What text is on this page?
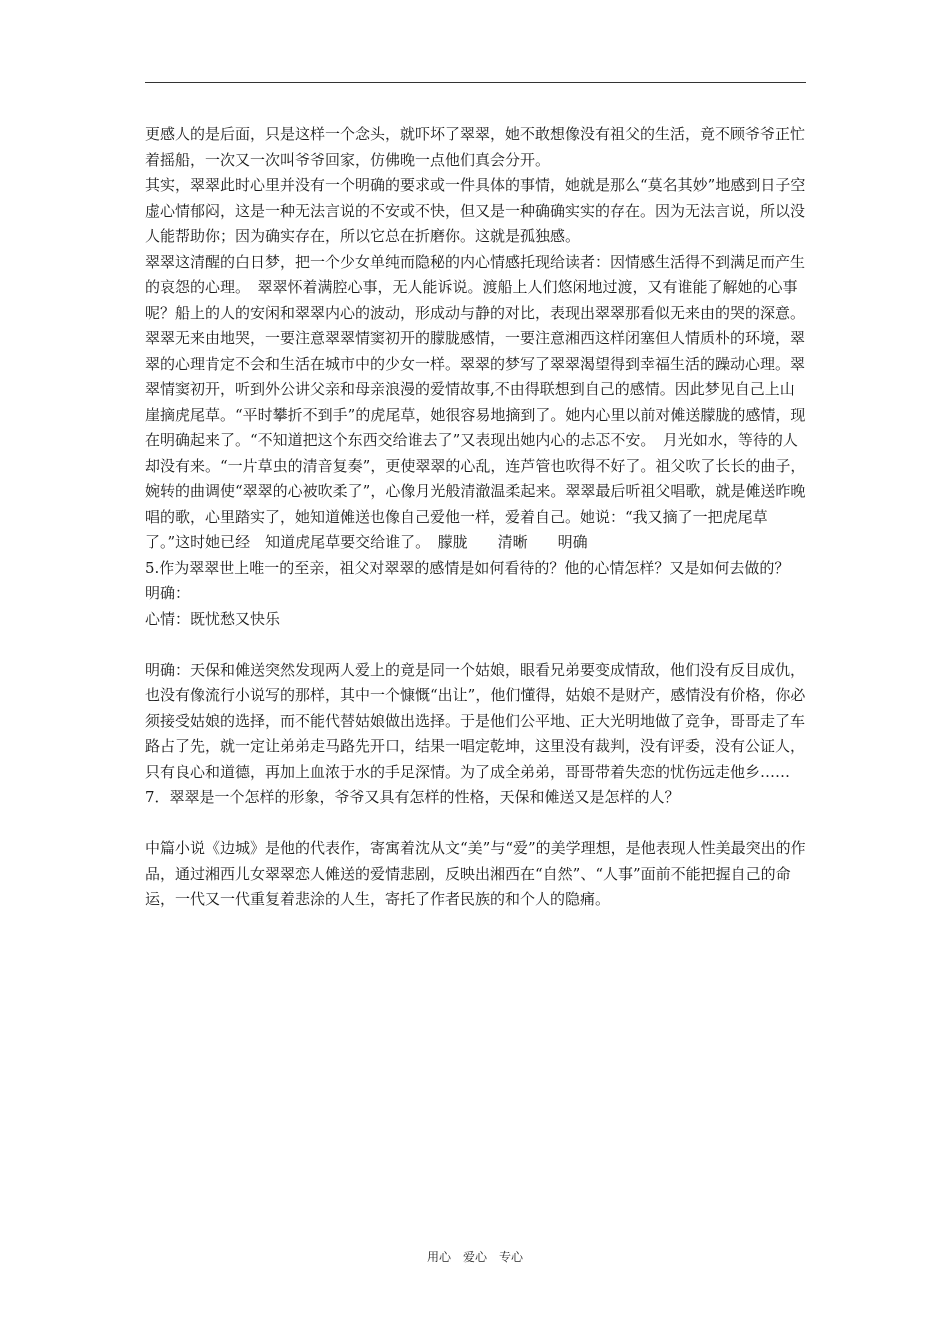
更感人的是后面，只是这样一个念头，就吓坏了翠翠，她不敢想像没有祖父的生活，竟不顾爷爷正忙着摇船，一次又一次叫爷爷回家，仿佛晚一点他们真会分开。

其实，翠翠此时心里并没有一个明确的要求或一件具体的事情，她就是那么“莫名其妙”地感到日子空虚心情郁闷，这是一种无法言说的不安或不快，但又是一种确确实实的存在。因为无法言说，所以没人能帮助你；因为确实存在，所以它总在折磨你。这就是孤独感。

翠翠这清醒的白日梦，把一个少女单纯而隐秘的内心情感托现给读者：因情感生活得不到满足而产生的哀怨的心理。　翠翠怀着满腔心事，无人能诉说。渡船上人们悠闲地过渡，又有谁能了解她的心事呢？船上的人的安闲和翠翠内心的波动，形成动与静的对比，表现出翠翠那看似无来由的哭的深意。

翠翠无来由地哭，一要注意翠翠情窦初开的朦胧感情，一要注意湘西这样闭塞但人情质朴的环境，翠翠的心理肯定不会和生活在城市中的少女一样。翠翠的梦写了翠翠渴望得到幸福生活的躁动心理。翠翠情窦初开，听到外公讲父亲和母亲浪漫的爱情故事,不由得联想到自己的感情。因此梦见自己上山崖摘虎尾草。“平时攀折不到手”的虎尾草，她很容易地摘到了。她内心里以前对傩送朦胧的感情，现在明确起来了。“不知道把这个东西交给谁去了”又表现出她内心的忐忑不安。　月光如水，等待的人却没有来。“一片草虫的清音复奏”，更使翠翠的心乱，连芦管也吹得不好了。祖父吹了长长的曲子，婉转的曲调使“翠翠的心被吹柔了”，心像月光般清澈温柔起来。翠翠最后听祖父唱歌，就是傩送昨晚唱的歌，心里踏实了，她知道傩送也像自己爱他一样，爱着自己。她说：“我又摘了一把虎尾草了。”这时她已经　知道虎尾草要交给谁了。　朦胧　　清晰　　明确

5.作为翠翠世上唯一的至亲，祖父对翠翠的感情是如何看待的？他的心情怎样？又是如何去做的？

明确：

心情：既忧愁又快乐

明确：天保和傩送突然发现两人爱上的竟是同一个姑娘，眼看兄弟要变成情敌，他们没有反目成仇，也没有像流行小说写的那样，其中一个慷慨“出让”，他们懂得，姑娘不是财产，感情没有价格，你必须接受姑娘的选择，而不能代替姑娘做出选择。于是他们公平地、正大光明地做了竞争，哥哥走了车路占了先，就一定让弟弟走马路先开口，结果一唱定乾坤，这里没有裁判，没有评委，没有公证人，只有良心和道德，再加上血浓于水的手足深情。为了成全弟弟，哥哥带着失恋的忧伤远走他乡……

7．翠翠是一个怎样的形象，爷爷又具有怎样的性格，天保和傩送又是怎样的人？

中篇小说《边城》是他的代表作，寄寓着沈从文“美”与“爱”的美学理想，是他表现人性美最突出的作品，通过湘西儿女翠翠恋人傩送的爱情悲剧，反映出湘西在“自然”、“人事”面前不能把握自己的命运，一代又一代重复着悲涂的人生，寄托了作者民族的和个人的隐痛。

用心　爱心　专心
